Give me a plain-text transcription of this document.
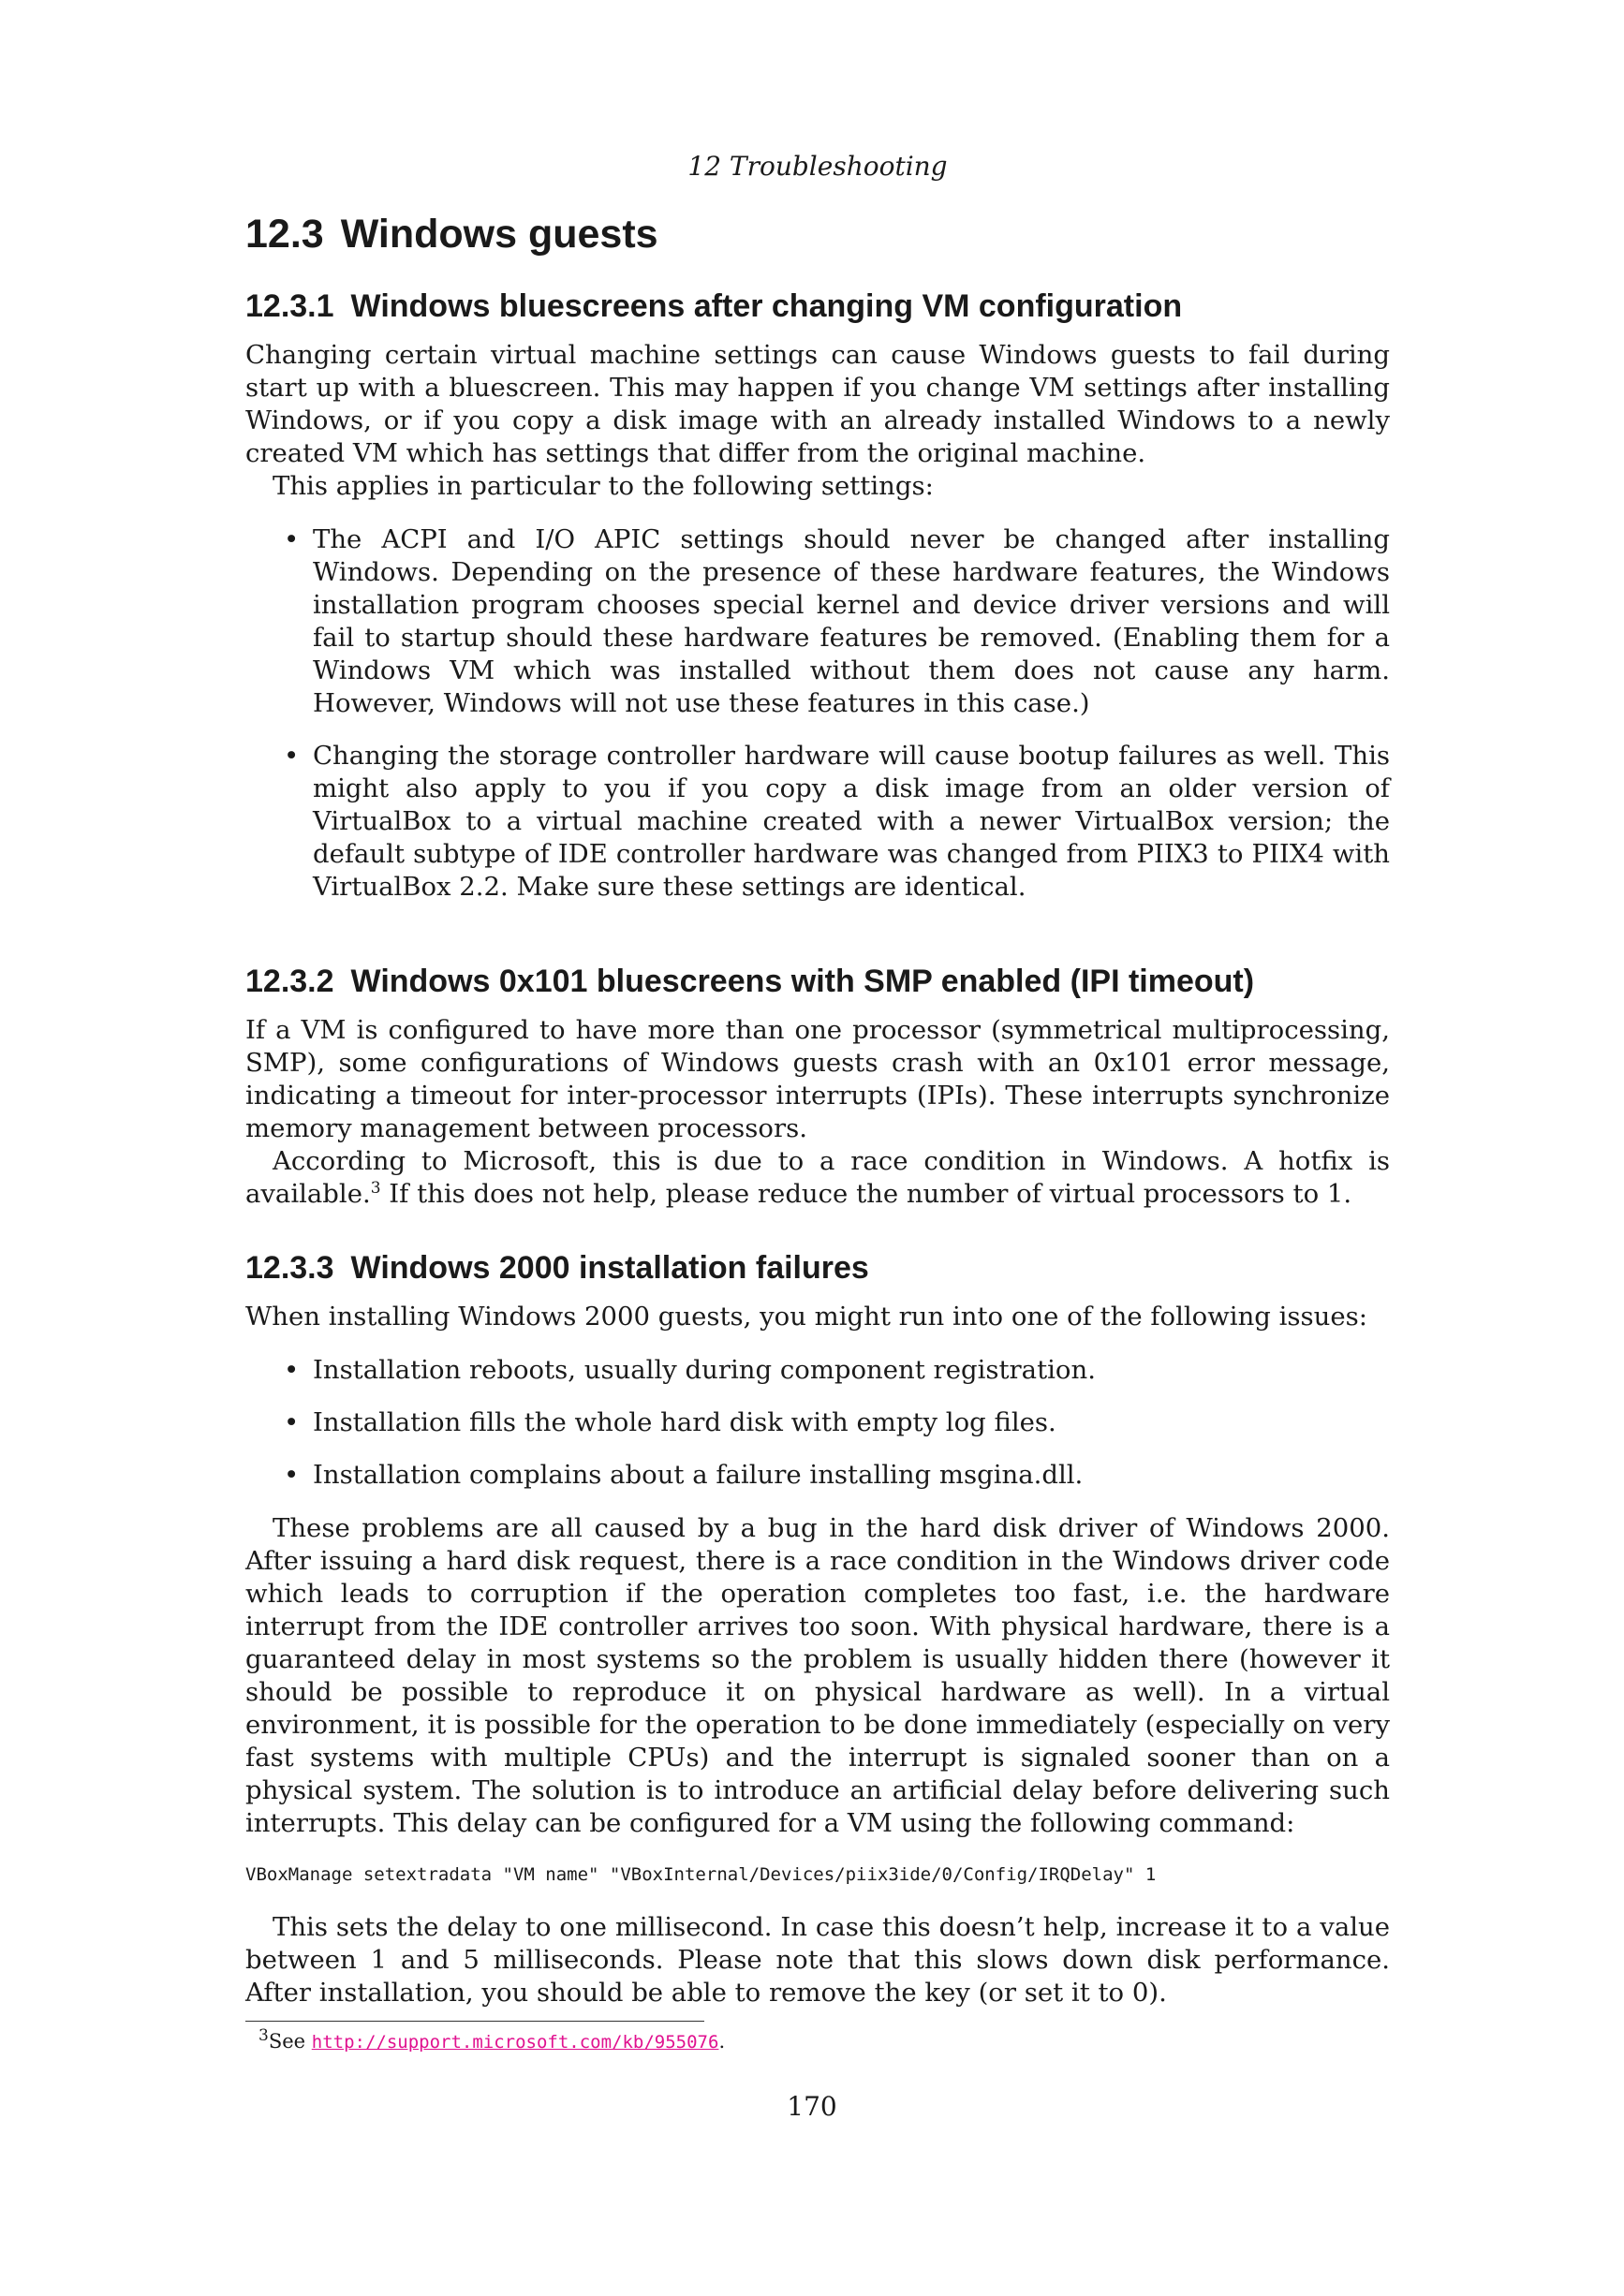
12 Troubleshooting
12.3 Windows guests
12.3.1 Windows bluescreens after changing VM configuration

Changing certain virtual machine settings can cause Windows guests to fail during start up with a bluescreen. This may happen if you change VM settings after installing Windows, or if you copy a disk image with an already installed Windows to a newly created VM which has settings that differ from the original machine.

This applies in particular to the following settings:

• The ACPI and I/O APIC settings should never be changed after installing Windows. Depending on the presence of these hardware features, the Windows installation program chooses special kernel and device driver versions and will fail to startup should these hardware features be removed. (Enabling them for a Windows VM which was installed without them does not cause any harm. However, Windows will not use these features in this case.)
• Changing the storage controller hardware will cause bootup failures as well. This might also apply to you if you copy a disk image from an older version of VirtualBox to a virtual machine created with a newer VirtualBox version; the default subtype of IDE controller hardware was changed from PIIX3 to PIIX4 with VirtualBox 2.2. Make sure these settings are identical.
12.3.2 Windows 0x101 bluescreens with SMP enabled (IPI timeout)

If a VM is configured to have more than one processor (symmetrical multiprocessing, SMP), some configurations of Windows guests crash with an 0x101 error message, indicating a timeout for inter-processor interrupts (IPIs). These interrupts synchronize memory management between processors.

According to Microsoft, this is due to a race condition in Windows. A hotfix is available.$^3$ If this does not help, please reduce the number of virtual processors to 1.

12.3.3 Windows 2000 installation failures

When installing Windows 2000 guests, you might run into one of the following issues:

• Installation reboots, usually during component registration.
• Installation fills the whole hard disk with empty log files.
• Installation complains about a failure installing msgina.dll.

These problems are all caused by a bug in the hard disk driver of Windows 2000. After issuing a hard disk request, there is a race condition in the Windows driver code which leads to corruption if the operation completes too fast, i.e. the hardware interrupt from the IDE controller arrives too soon. With physical hardware, there is a guaranteed delay in most systems so the problem is usually hidden there (however it should be possible to reproduce it on physical hardware as well). In a virtual environment, it is possible for the operation to be done immediately (especially on very fast systems with multiple CPUs) and the interrupt is signaled sooner than on a physical system. The solution is to introduce an artificial delay before delivering such interrupts. This delay can be configured for a VM using the following command:

VBoxManage setextradata "VM name" "VBoxInternal/Devices/piix3ide/0/Config/IRQDelay" 1

This sets the delay to one millisecond. In case this doesn’t help, increase it to a value between 1 and 5 milliseconds. Please note that this slows down disk performance. After installation, you should be able to remove the key (or set it to 0).

$^3$See http://support.microsoft.com/kb/955076.
170
